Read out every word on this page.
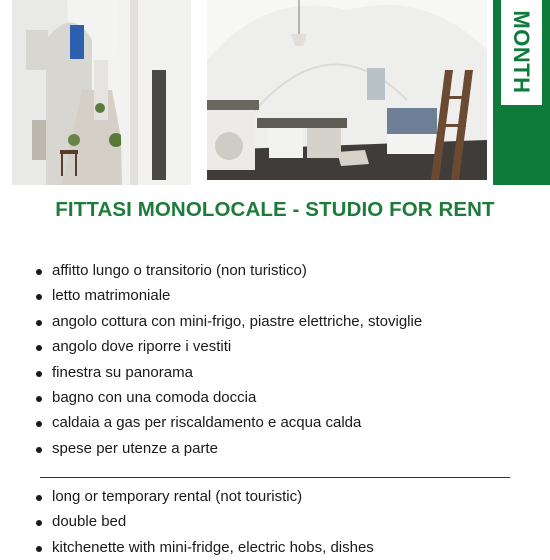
MONTH
FITTASI MONOLOCALE - STUDIO FOR RENT
affitto lungo o transitorio (non turistico)
letto matrimoniale
angolo cottura con mini-frigo, piastre elettriche, stoviglie
angolo dove riporre i vestiti
finestra su panorama
bagno con una comoda doccia
caldaia a gas per riscaldamento e acqua calda
spese per utenze a parte
long or temporary rental (not touristic)
double bed
kitchenette with mini-fridge, electric hobs, dishes
